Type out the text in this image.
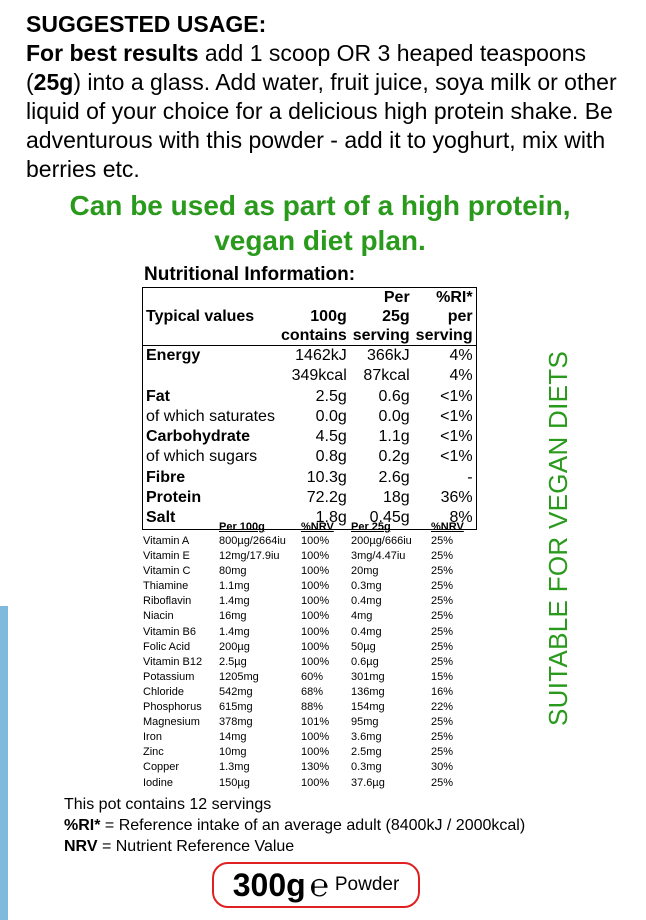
SUGGESTED USAGE:

For best results add 1 scoop OR 3 heaped teaspoons (25g) into a glass. Add water, fruit juice, soya milk or other liquid of your choice for a delicious high protein shake. Be adventurous with this powder - add it to yoghurt, mix with berries etc.

Can be used as part of a high protein, vegan diet plan.
SUITABLE FOR VEGAN DIETS
Nutritional Information:
Typical values	100g	Per 25g	%RI* per
	contains	serving	serving
Energy	1462kJ	366kJ	4%
	349kcal	87kcal	4%
Fat	2.5g	0.6g	<1%
of which saturates	0.0g	0.0g	<1%
Carbohydrate	4.5g	1.1g	<1%
of which sugars	0.8g	0.2g	<1%
Fibre	10.3g	2.6g	-
Protein	72.2g	18g	36%
Salt	1.8g	0.45g	8%
	Per 100g	%NRV	Per 25g	%NRV
Vitamin A	800µg/2664iu	100%	200µg/666iu	25%
Vitamin E	12mg/17.9iu	100%	3mg/4.47iu	25%
Vitamin C	80mg	100%	20mg	25%
Thiamine	1.1mg	100%	0.3mg	25%
Riboflavin	1.4mg	100%	0.4mg	25%
Niacin	16mg	100%	4mg	25%
Vitamin B6	1.4mg	100%	0.4mg	25%
Folic Acid	200µg	100%	50µg	25%
Vitamin B12	2.5µg	100%	0.6µg	25%
Potassium	1205mg	60%	301mg	15%
Chloride	542mg	68%	136mg	16%
Phosphorus	615mg	88%	154mg	22%
Magnesium	378mg	101%	95mg	25%
Iron	14mg	100%	3.6mg	25%
Zinc	10mg	100%	2.5mg	25%
Copper	1.3mg	130%	0.3mg	30%
Iodine	150µg	100%	37.6µg	25%

This pot contains 12 servings

%RI* = Reference intake of an average adult (8400kJ / 2000kcal)

NRV = Nutrient Reference Value

300g ℮ Powder
